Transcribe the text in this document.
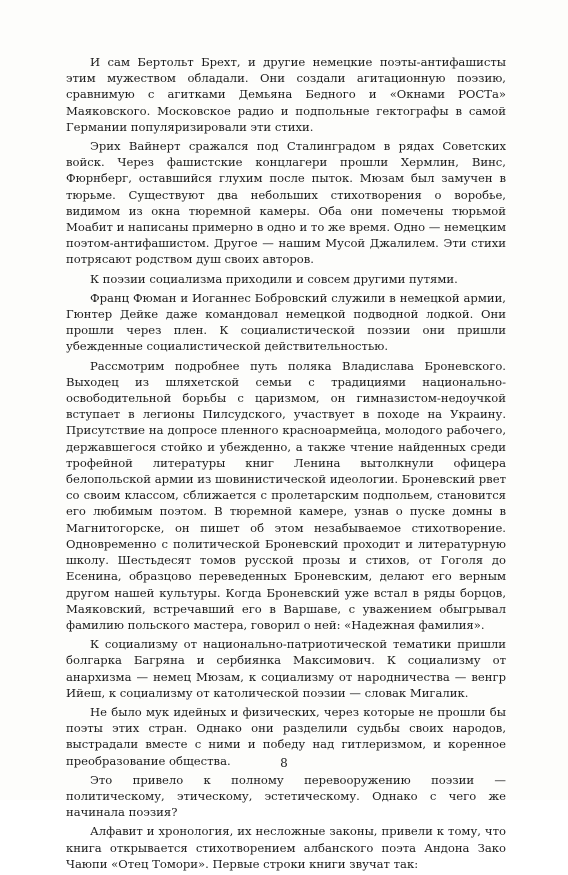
И сам Бертольт Брехт, и другие немецкие поэты-антифашисты этим мужеством обладали. Они создали агитационную поэзию, сравнимую с агитками Демьяна Бедного и «Окнами РОСТа» Маяковского. Московское радио и подпольные гектографы в самой Германии популяризировали эти стихи.

Эрих Вайнерт сражался под Сталинградом в рядах Советских войск. Через фашистские концлагери прошли Хермлин, Винс, Фюрнберг, оставшийся глухим после пыток. Мюзам был замучен в тюрьме. Существуют два небольших стихотворения о воробье, видимом из окна тюремной камеры. Оба они помечены тюрьмой Моабит и написаны примерно в одно и то же время. Одно — немецким поэтом-антифашистом. Другое — нашим Мусой Джалилем. Эти стихи потрясают родством душ своих авторов.

К поэзии социализма приходили и совсем другими путями.

Франц Фюман и Иоганнес Бобровский служили в немецкой армии, Гюнтер Дейке даже командовал немецкой подводной лодкой. Они прошли через плен. К социалистической поэзии они пришли убежденные социалистической действительностью.

Рассмотрим подробнее путь поляка Владислава Броневского. Выходец из шляхетской семьи с традициями национально-освободительной борьбы с царизмом, он гимназистом-недоучкой вступает в легионы Пилсудского, участвует в походе на Украину. Присутствие на допросе пленного красноармейца, молодого рабочего, державшегося стойко и убежденно, а также чтение найденных среди трофейной литературы книг Ленина вытолкнули офицера белопольской армии из шовинистической идеологии. Броневский рвет со своим классом, сближается с пролетарским подпольем, становится его любимым поэтом. В тюремной камере, узнав о пуске домны в Магнитогорске, он пишет об этом незабываемое стихотворение. Одновременно с политической Броневский проходит и литературную школу. Шестьдесят томов русской прозы и стихов, от Гоголя до Есенина, образцово переведенных Броневским, делают его верным другом нашей культуры. Когда Броневский уже встал в ряды борцов, Маяковский, встречавший его в Варшаве, с уважением обыгрывал фамилию польского мастера, говорил о ней: «Надежная фамилия».

К социализму от национально-патриотической тематики пришли болгарка Багряна и сербиянка Максимович. К социализму от анархизма — немец Мюзам, к социализму от народничества — венгр Ийеш, к социализму от католической поэзии — словак Мигалик.

Не было мук идейных и физических, через которые не прошли бы поэты этих стран. Однако они разделили судьбы своих народов, выстрадали вместе с ними и победу над гитлеризмом, и коренное преобразование общества.

Это привело к полному перевооружению поэзии — политическому, этическому, эстетическому. Однако с чего же начинала поэзия?

Алфавит и хронология, их несложные законы, привели к тому, что книга открывается стихотворением албанского поэта Андона Зако Чаюпи «Отец Томори». Первые строки книги звучат так:

8
